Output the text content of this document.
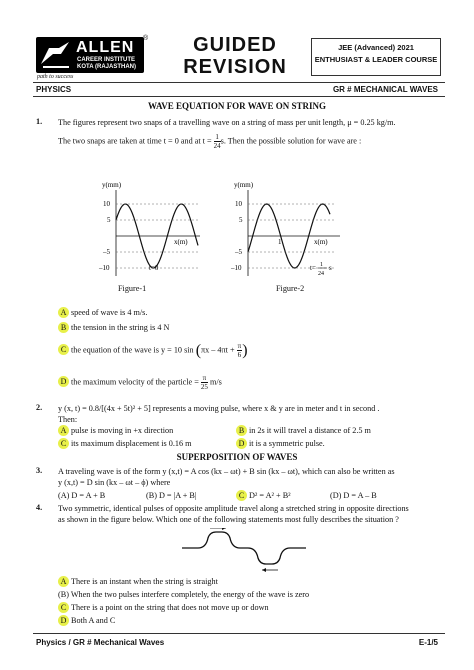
ALLEN
CAREER INSTITUTE
KOTA (RAJASTHAN)
®
path to success
GUIDED
REVISION
JEE (Advanced) 2021
ENTHUSIAST & LEADER COURSE
PHYSICS	GR # MECHANICAL WAVES
WAVE EQUATION FOR WAVE ON STRING
1. The figures represent two snaps of a travelling wave on a string of mass per unit length, μ = 0.25 kg/m.
The two snaps are taken at time t = 0 and at $t = \frac{1}{24} s$. Then the possible solution for wave are :
y(mm)
10
5
–5
–10
x(m)
t=0
Figure-1
y(mm)
10
5
–5
–10
1	x(m)
t= 1
24
s
Figure-2
A speed of wave is 4 m/s.
B the tension in the string is 4 N
C the equation of the wave is y = 10 $\sin (\pi x - 4\pi t + \frac{\pi}{6}$ )
D the maximum velocity of the particle = $\frac{\pi}{25} m/s$
2. y (x, t) = 0.8/[(4x + 5t)² + 5] represents a moving pulse, where x & y are in meter and t in second .
Then:
A pulse is moving in +x direction	B in 2s it will travel a distance of 2.5 m
C its maximum displacement is 0.16 m	D it is a symmetric pulse.
SUPERPOSITION OF WAVES
3. A traveling wave is of the form y (x,t) = A cos (kx – ωt) + B sin (kx – ωt), which can also be written as
y (x,t) = D sin (kx – ωt – ϕ) where
(A) D = A + B	(B) D = |A + B|	C D² = A² + B²	(D) D = A – B
4. Two symmetric, identical pulses of opposite amplitude travel along a stretched string in opposite directions
as shown in the figure below. Which one of the following statements most fully describes the situation ?
A There is an instant when the string is straight
(B) When the two pulses interfere completely, the energy of the wave is zero
C There is a point on the string that does not move up or down
D Both A and C
Physics / GR # Mechanical Waves	E-1/5
